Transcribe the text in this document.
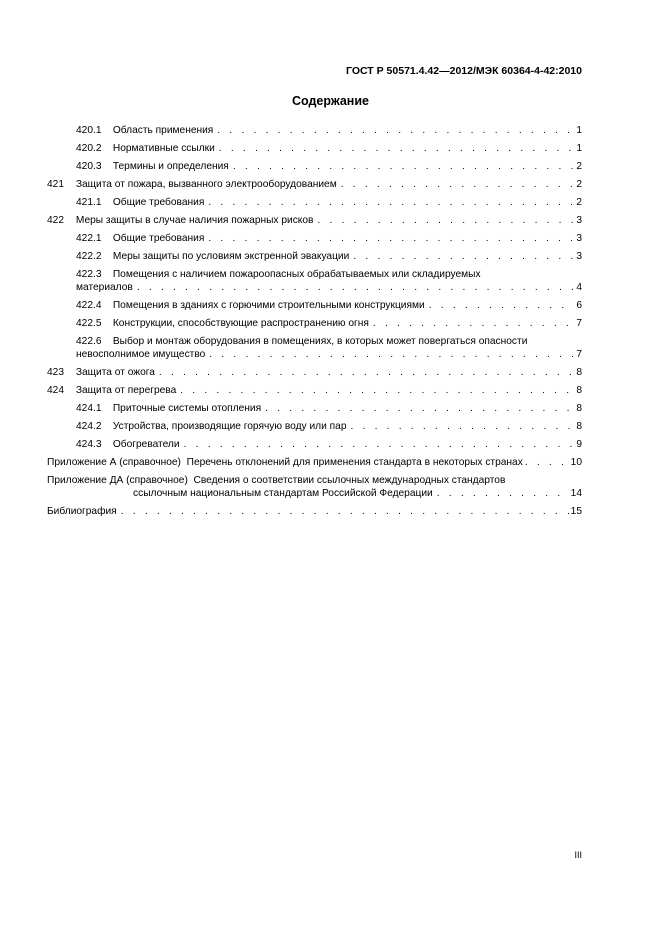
ГОСТ Р 50571.4.42—2012/МЭК 60364-4-42:2010
Содержание
420.1 Область применения . . .	1
420.2 Нормативные ссылки . . .	1
420.3 Термины и определения . . .	2
421 Защита от пожара, вызванного электрооборудованием . . .	2
421.1 Общие требования . . .	2
422 Меры защиты в случае наличия пожарных рисков . . .	3
422.1 Общие требования . . .	3
422.2 Меры защиты по условиям экстренной эвакуации . . .	3
422.3 Помещения с наличием пожароопасных обрабатываемых или складируемых
материалов . . .	4
422.4 Помещения в зданиях с горючими строительными конструкциями . . .	6
422.5 Конструкции, способствующие распространению огня . . .	7
422.6 Выбор и монтаж оборудования в помещениях, в которых может повергаться опасности
невосполнимое имущество . . .	7
423 Защита от ожога . . .	8
424 Защита от перегрева . . .	8
424.1 Приточные системы отопления . . .	8
424.2 Устройства, производящие горячую воду или пар . . .	8
424.3 Обогреватели . . .	9
Приложение А (справочное) Перечень отклонений для применения стандарта в некоторых странах . . .	10
Приложение ДА (справочное) Сведения о соответствии ссылочных международных стандартов
ссылочным национальным стандартам Российской Федерации . . .	14
Библиография . . .	15
III
